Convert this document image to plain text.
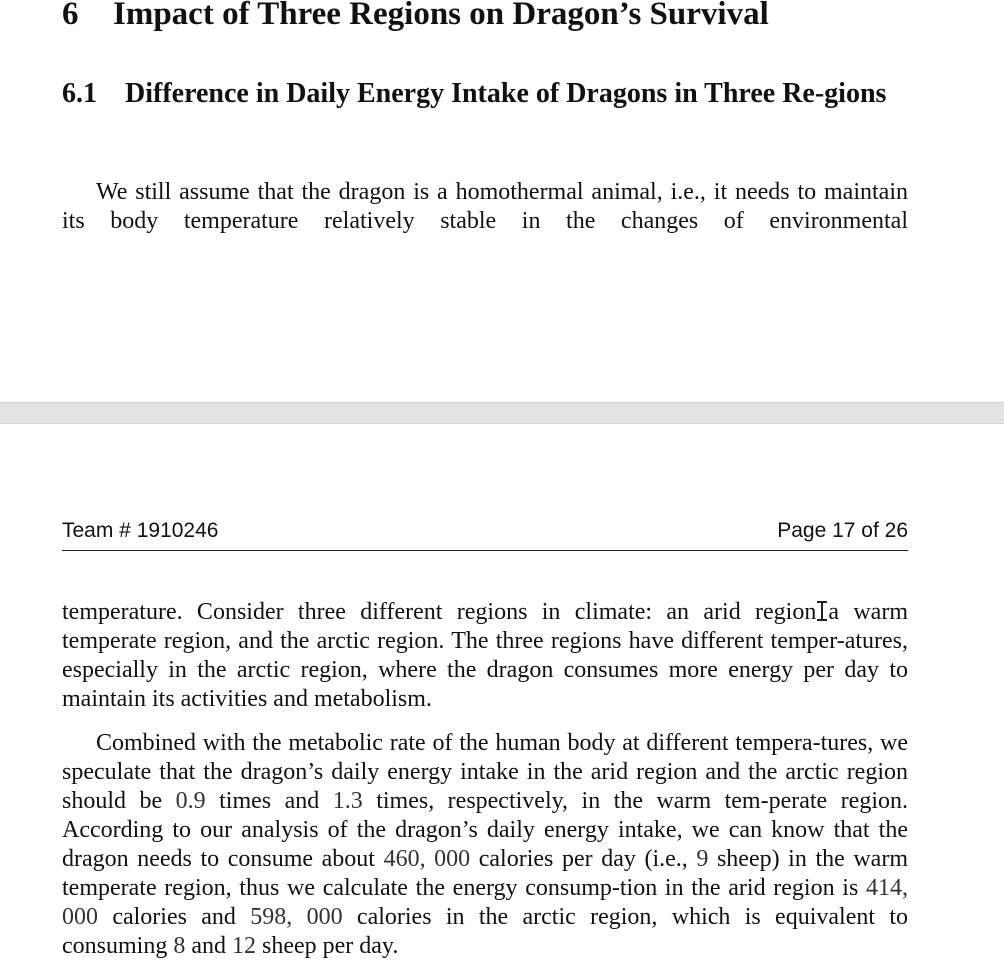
6 Impact of Three Regions on Dragon’s Survival
6.1 Difference in Daily Energy Intake of Dragons in Three Re-gions

We still assume that the dragon is a homothermal animal, i.e., it needs to maintain its body temperature relatively stable in the changes of environmental

Team # 1910246	Page 17 of 26

temperature. Consider three different regions in climate: an arid region a warm temperate region, and the arctic region. The three regions have different temper-atures, especially in the arctic region, where the dragon consumes more energy per day to maintain its activities and metabolism.

Combined with the metabolic rate of the human body at different tempera-tures, we speculate that the dragon’s daily energy intake in the arid region and the arctic region should be 0.9 times and 1.3 times, respectively, in the warm tem-perate region. According to our analysis of the dragon’s daily energy intake, we can know that the dragon needs to consume about 460, 000 calories per day (i.e., 9 sheep) in the warm temperate region, thus we calculate the energy consump-tion in the arid region is 414, 000 calories and 598, 000 calories in the arctic region, which is equivalent to consuming 8 and 12 sheep per day.
